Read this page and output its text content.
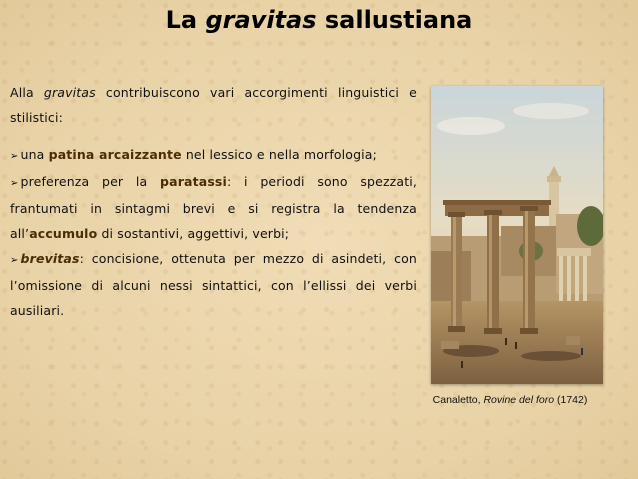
La gravitas sallustiana

Alla gravitas contribuiscono vari accorgimenti linguistici e stilistici:

➢ una patina arcaizzante nel lessico e nella morfologia;

➢ preferenza per la paratassi: i periodi sono spezzati, frantumati in sintagmi brevi e si registra la tendenza all’accumulo di sostantivi, aggettivi, verbi;

➢ brevitas: concisione, ottenuta per mezzo di asindeti, con l’omissione di alcuni nessi sintattici, con l’ellissi dei verbi ausiliari.

Canaletto, Rovine del foro (1742)
